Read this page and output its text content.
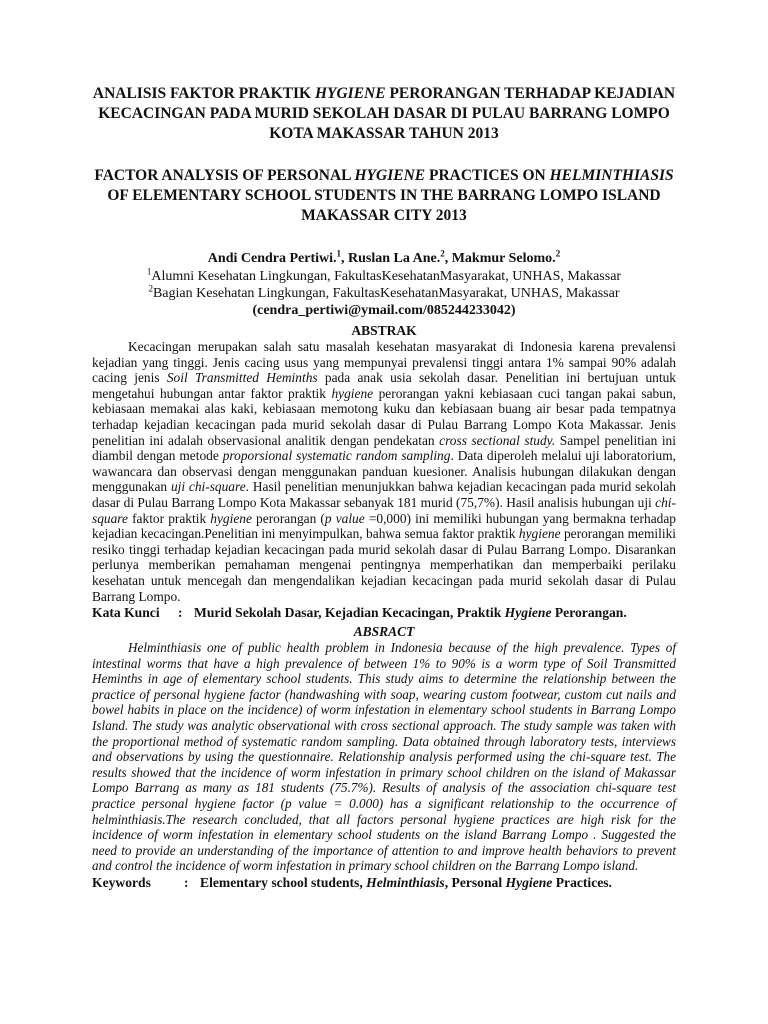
ANALISIS FAKTOR PRAKTIK HYGIENE PERORANGAN TERHADAP KEJADIAN KECACINGAN PADA MURID SEKOLAH DASAR DI PULAU BARRANG LOMPO KOTA MAKASSAR TAHUN 2013
FACTOR ANALYSIS OF PERSONAL HYGIENE PRACTICES ON HELMINTHIASIS OF ELEMENTARY SCHOOL STUDENTS IN THE BARRANG LOMPO ISLAND MAKASSAR CITY 2013
Andi Cendra Pertiwi.$^1$, Ruslan La Ane.$^2$, Makmur Selomo.$^2$
$^1$Alumni Kesehatan Lingkungan, FakultasKesehatanMasyarakat, UNHAS, Makassar
$^2$Bagian Kesehatan Lingkungan, FakultasKesehatanMasyarakat, UNHAS, Makassar
(cendra_pertiwi@ymail.com/085244233042)
ABSTRAK

Kecacingan merupakan salah satu masalah kesehatan masyarakat di Indonesia karena prevalensi kejadian yang tinggi. Jenis cacing usus yang mempunyai prevalensi tinggi antara 1% sampai 90% adalah cacing jenis Soil Transmitted Heminths pada anak usia sekolah dasar. Penelitian ini bertujuan untuk mengetahui hubungan antar faktor praktik hygiene perorangan yakni kebiasaan cuci tangan pakai sabun, kebiasaan memakai alas kaki, kebiasaan memotong kuku dan kebiasaan buang air besar pada tempatnya terhadap kejadian kecacingan pada murid sekolah dasar di Pulau Barrang Lompo Kota Makassar. Jenis penelitian ini adalah observasional analitik dengan pendekatan cross sectional study. Sampel penelitian ini diambil dengan metode proporsional systematic random sampling. Data diperoleh melalui uji laboratorium, wawancara dan observasi dengan menggunakan panduan kuesioner. Analisis hubungan dilakukan dengan menggunakan uji chi-square. Hasil penelitian menunjukkan bahwa kejadian kecacingan pada murid sekolah dasar di Pulau Barrang Lompo Kota Makassar sebanyak 181 murid (75,7%). Hasil analisis hubungan uji chi-square faktor praktik hygiene perorangan (p value =0,000) ini memiliki hubungan yang bermakna terhadap kejadian kecacingan.Penelitian ini menyimpulkan, bahwa semua faktor praktik hygiene perorangan memiliki resiko tinggi terhadap kejadian kecacingan pada murid sekolah dasar di Pulau Barrang Lompo. Disarankan perlunya memberikan pemahaman mengenai pentingnya memperhatikan dan memperbaiki perilaku kesehatan untuk mencegah dan mengendalikan kejadian kecacingan pada murid sekolah dasar di Pulau Barrang Lompo.

Kata Kunci : Murid Sekolah Dasar, Kejadian Kecacingan, Praktik Hygiene Perorangan.
ABSRACT

Helminthiasis one of public health problem in Indonesia because of the high prevalence. Types of intestinal worms that have a high prevalence of between 1% to 90% is a worm type of Soil Transmitted Heminths in age of elementary school students. This study aims to determine the relationship between the practice of personal hygiene factor (handwashing with soap, wearing custom footwear, custom cut nails and bowel habits in place on the incidence) of worm infestation in elementary school students in Barrang Lompo Island. The study was analytic observational with cross sectional approach. The study sample was taken with the proportional method of systematic random sampling. Data obtained through laboratory tests, interviews and observations by using the questionnaire. Relationship analysis performed using the chi-square test. The results showed that the incidence of worm infestation in primary school children on the island of Makassar Lompo Barrang as many as 181 students (75.7%). Results of analysis of the association chi-square test practice personal hygiene factor (p value = 0.000) has a significant relationship to the occurrence of helminthiasis.The research concluded, that all factors personal hygiene practices are high risk for the incidence of worm infestation in elementary school students on the island Barrang Lompo . Suggested the need to provide an understanding of the importance of attention to and improve health behaviors to prevent and control the incidence of worm infestation in primary school children on the Barrang Lompo island.

Keywords : Elementary school students, Helminthiasis, Personal Hygiene Practices.
